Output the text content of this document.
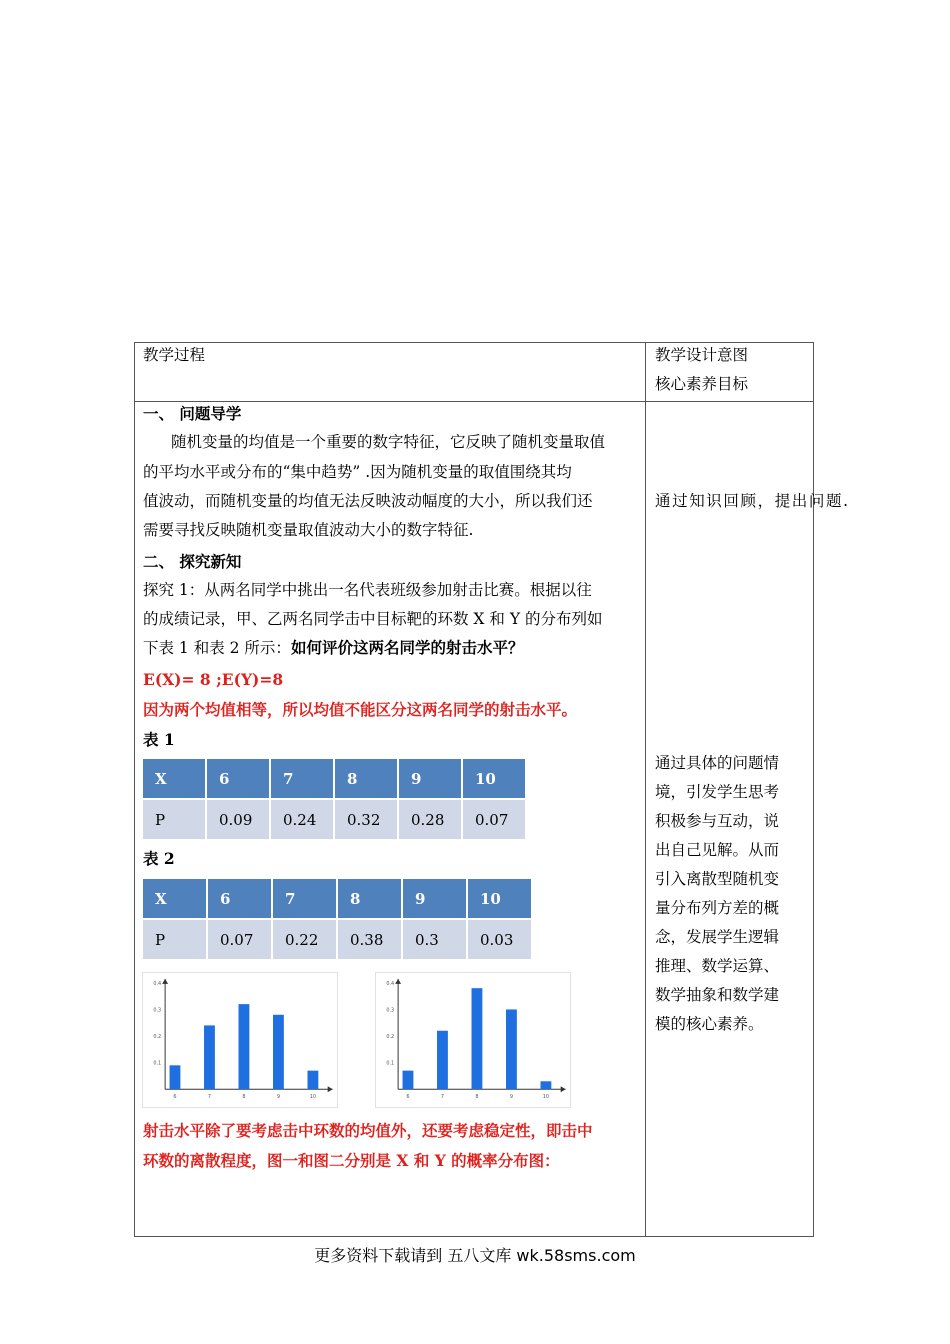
教学过程	教学设计意图
核心素养目标
一、 问题导学
随机变量的均值是一个重要的数字特征，它反映了随机变量取值
的平均水平或分布的“集中趋势” .因为随机变量的取值围绕其均
值波动，而随机变量的均值无法反映波动幅度的大小，所以我们还
需要寻找反映随机变量取值波动大小的数字特征.
二、 探究新知
探究 1：从两名同学中挑出一名代表班级参加射击比赛。根据以往
的成绩记录，甲、乙两名同学击中目标靶的环数 X 和 Y 的分布列如
下表 1 和表 2 所示：如何评价这两名同学的射击水平？
E(X)= 8 ;E(Y)=8
因为两个均值相等，所以均值不能区分这两名同学的射击水平。
表 1
X	6	7	8	9	10
P	0.09	0.24	0.32	0.28	0.07
表 2
X	6	7	8	9	10
P	0.07	0.22	0.38	0.3	0.03
0.1
0.2
0.3
0.4
6	7	8	9	10
0.1
0.2
0.3
0.4
6	7	8	9	10
射击水平除了要考虑击中环数的均值外，还要考虑稳定性，即击中
环数的离散程度，图一和图二分别是 X 和 Y 的概率分布图：
通过知识回顾，提出问题.
通过具体的问题情
境，引发学生思考
积极参与互动，说
出自己见解。从而
引入离散型随机变
量分布列方差的概
念，发展学生逻辑
推理、数学运算、
数学抽象和数学建
模的核心素养。
更多资料下载请到 五八文库 wk.58sms.com
